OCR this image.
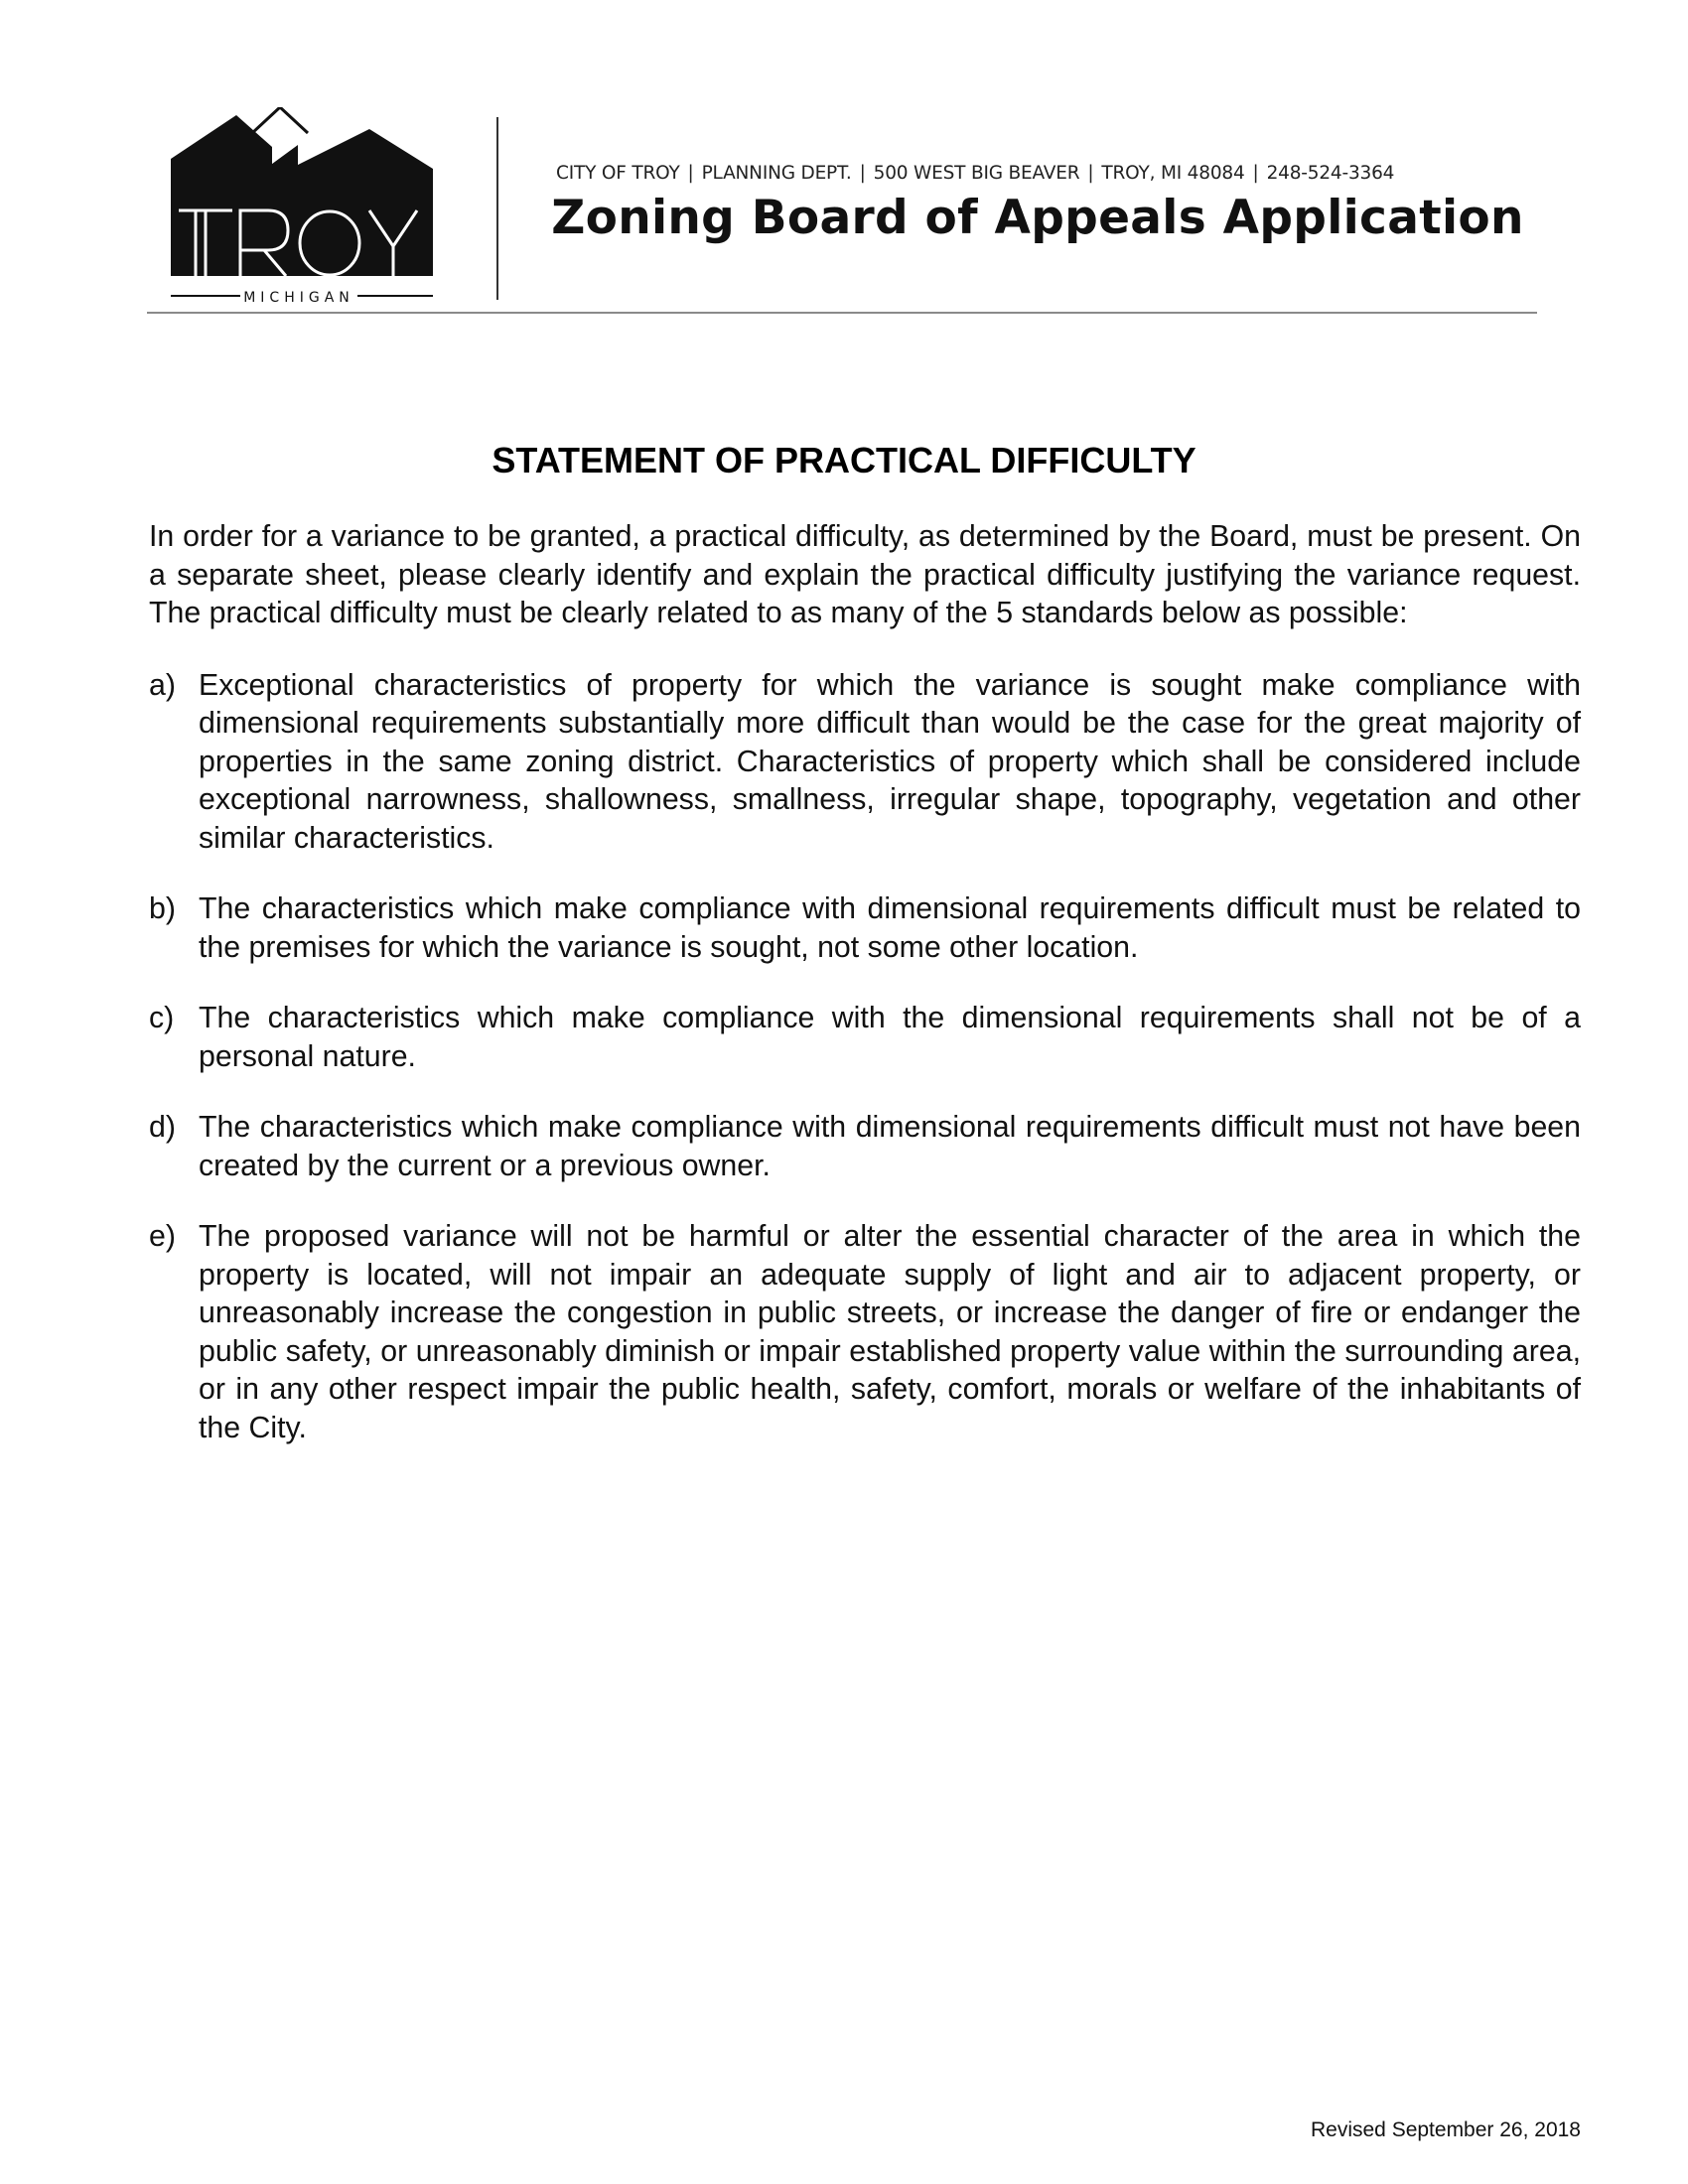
MICHIGAN
CITY OF TROY | PLANNING DEPT. | 500 WEST BIG BEAVER | TROY, MI 48084 | 248-524-3364
Zoning Board of Appeals Application
STATEMENT OF PRACTICAL DIFFICULTY

In order for a variance to be granted, a practical difficulty, as determined by the Board, must be present. On a separate sheet, please clearly identify and explain the practical difficulty justifying the variance request. The practical difficulty must be clearly related to as many of the 5 standards below as possible:

a) Exceptional characteristics of property for which the variance is sought make compliance with dimensional requirements substantially more difficult than would be the case for the great majority of properties in the same zoning district. Characteristics of property which shall be considered include exceptional narrowness, shallowness, smallness, irregular shape, topography, vegetation and other similar characteristics.
b) The characteristics which make compliance with dimensional requirements difficult must be related to the premises for which the variance is sought, not some other location.
c) The characteristics which make compliance with the dimensional requirements shall not be of a personal nature.
d) The characteristics which make compliance with dimensional requirements difficult must not have been created by the current or a previous owner.
e) The proposed variance will not be harmful or alter the essential character of the area in which the property is located, will not impair an adequate supply of light and air to adjacent property, or unreasonably increase the congestion in public streets, or increase the danger of fire or endanger the public safety, or unreasonably diminish or impair established property value within the surrounding area, or in any other respect impair the public health, safety, comfort, morals or welfare of the inhabitants of the City.
Revised September 26, 2018
